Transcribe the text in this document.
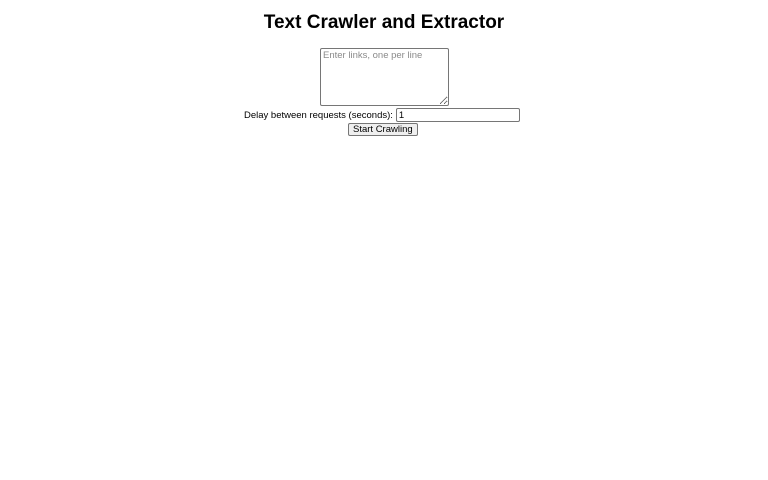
Text Crawler and Extractor
Enter links, one per line
Delay between requests (seconds):
1
Start Crawling
